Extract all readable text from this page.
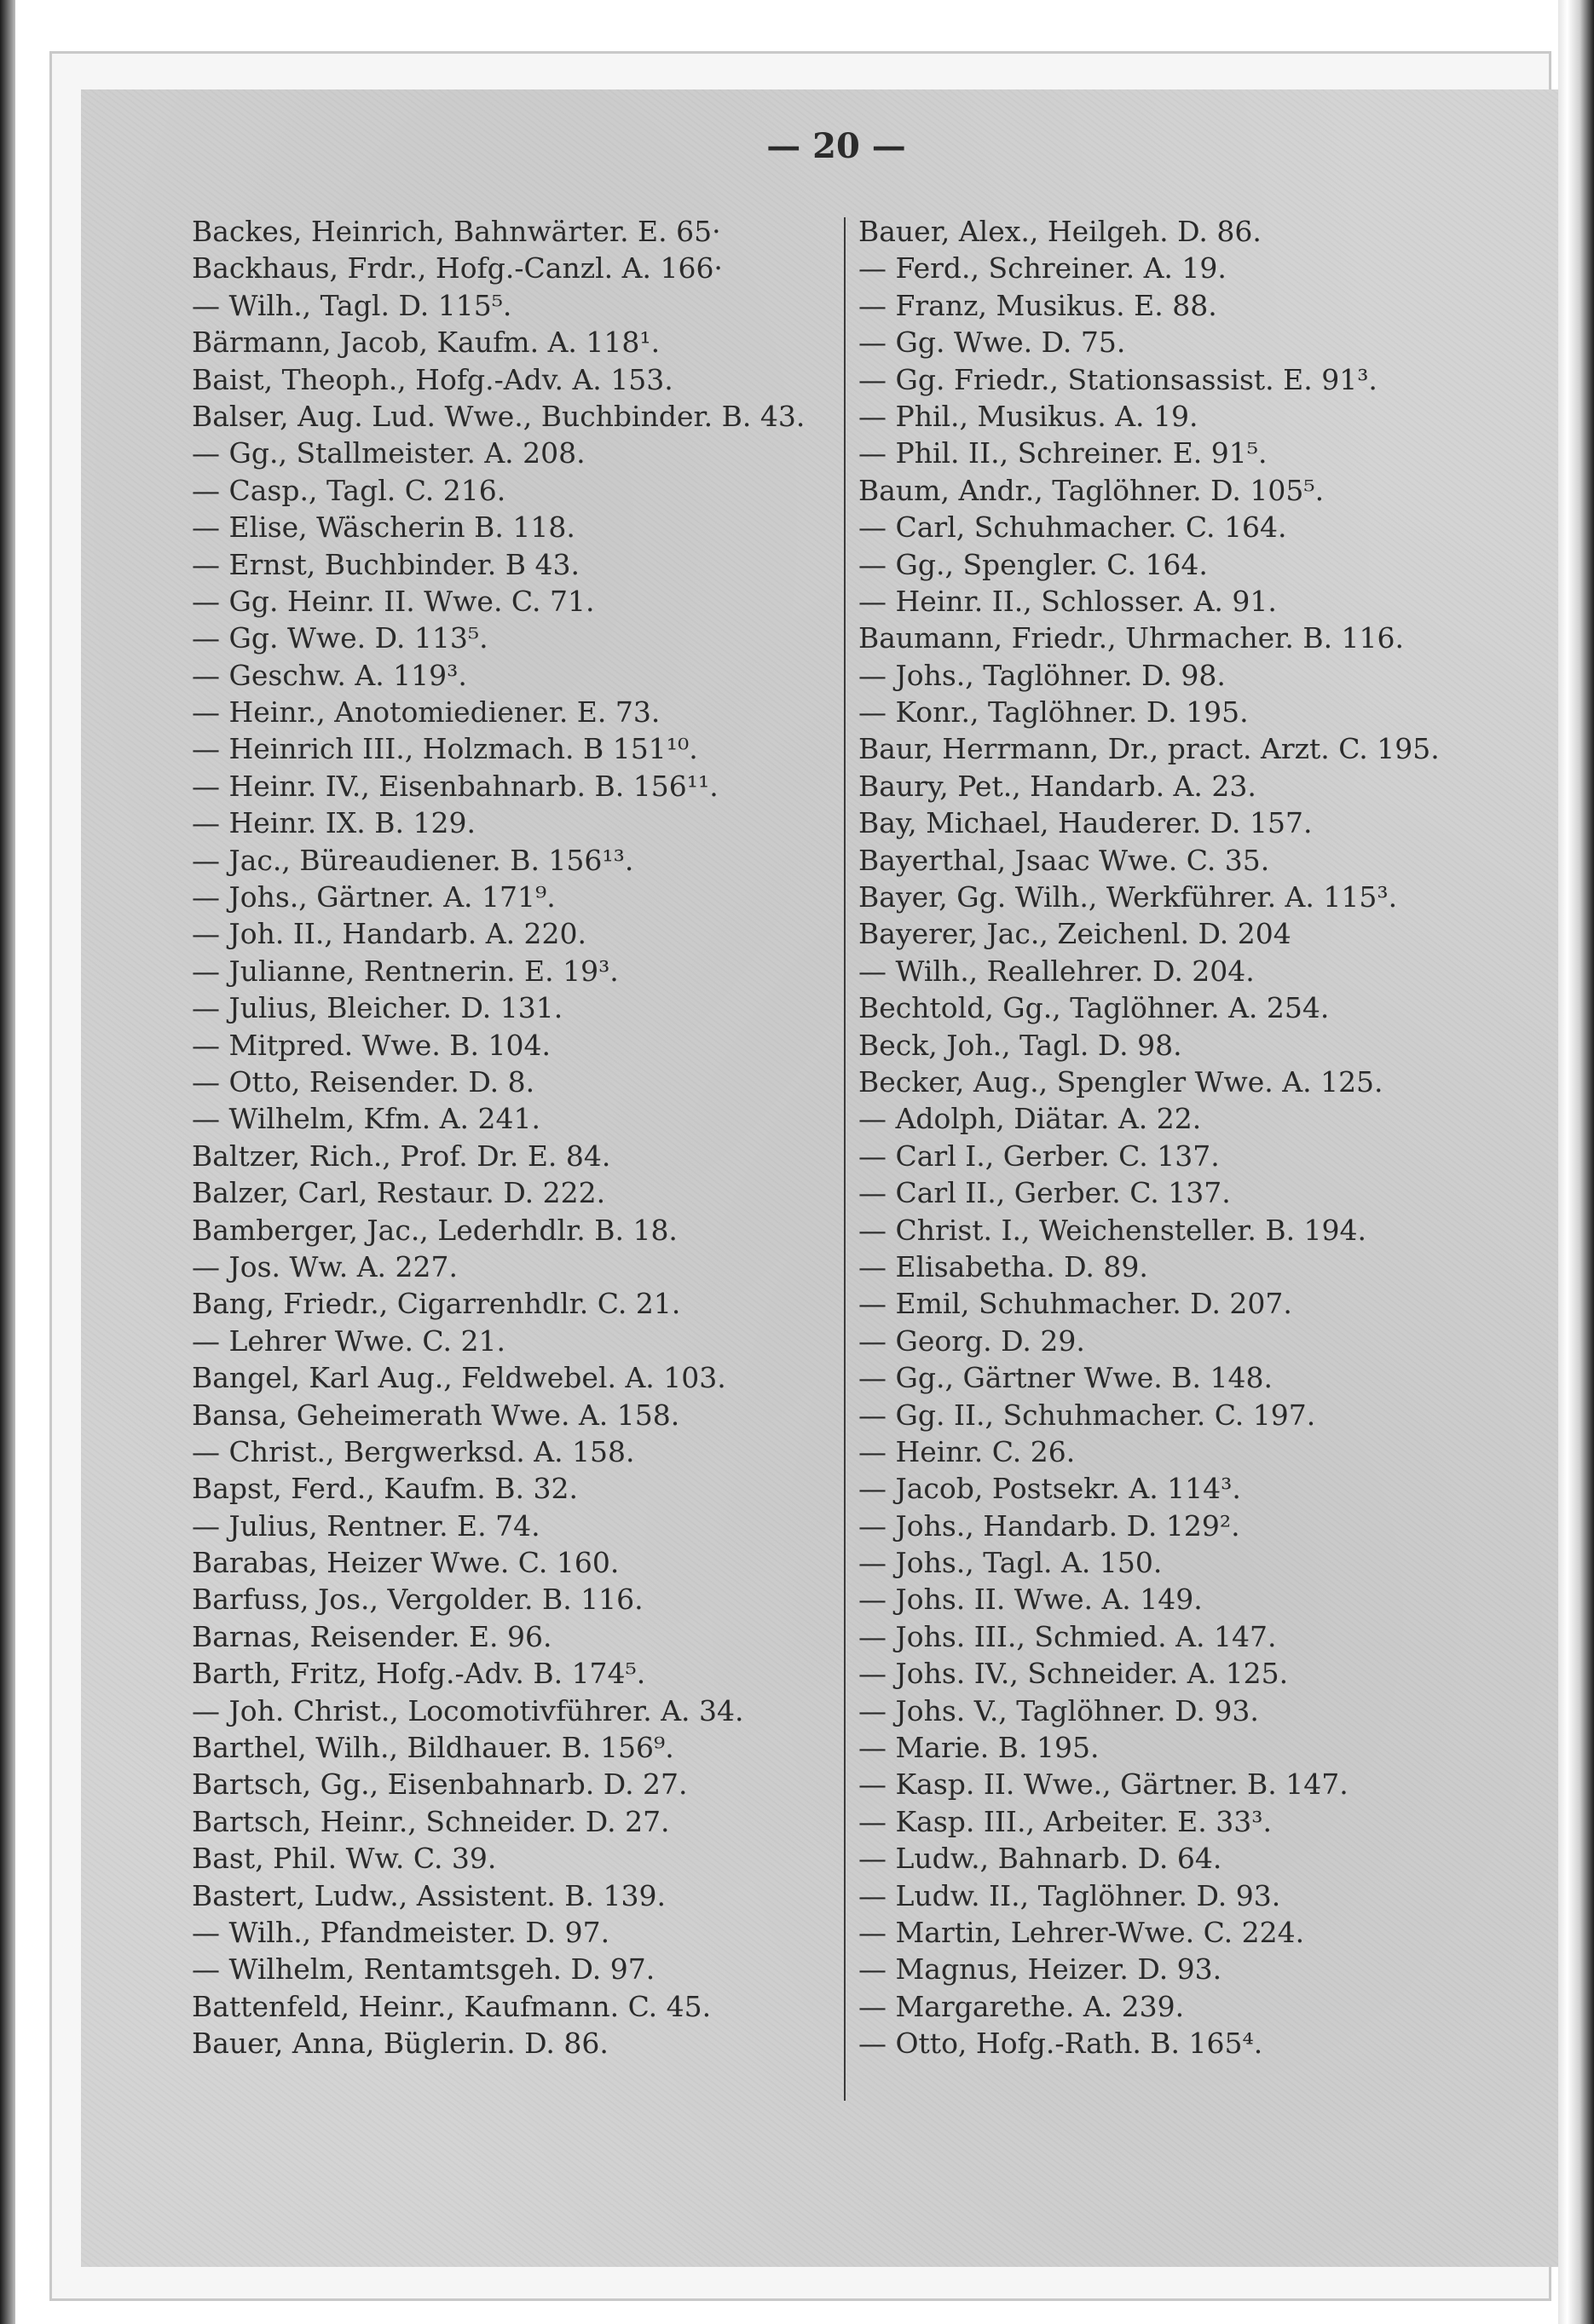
— 20 —
Backes, Heinrich, Bahnwärter. E. 65·
Backhaus, Frdr., Hofg.-Canzl. A. 166·
— Wilh., Tagl. D. 115⁵.
Bärmann, Jacob, Kaufm. A. 118¹.
Baist, Theoph., Hofg.-Adv. A. 153.
Balser, Aug. Lud. Wwe., Buchbinder. B. 43.
— Gg., Stallmeister. A. 208.
— Casp., Tagl. C. 216.
— Elise, Wäscherin B. 118.
— Ernst, Buchbinder. B 43.
— Gg. Heinr. II. Wwe. C. 71.
— Gg. Wwe. D. 113⁵.
— Geschw. A. 119³.
— Heinr., Anotomiediener. E. 73.
— Heinrich III., Holzmach. B 151¹⁰.
— Heinr. IV., Eisenbahnarb. B. 156¹¹.
— Heinr. IX. B. 129.
— Jac., Büreaudiener. B. 156¹³.
— Johs., Gärtner. A. 171⁹.
— Joh. II., Handarb. A. 220.
— Julianne, Rentnerin. E. 19³.
— Julius, Bleicher. D. 131.
— Mitpred. Wwe. B. 104.
— Otto, Reisender. D. 8.
— Wilhelm, Kfm. A. 241.
Baltzer, Rich., Prof. Dr. E. 84.
Balzer, Carl, Restaur. D. 222.
Bamberger, Jac., Lederhdlr. B. 18.
— Jos. Ww. A. 227.
Bang, Friedr., Cigarrenhdlr. C. 21.
— Lehrer Wwe. C. 21.
Bangel, Karl Aug., Feldwebel. A. 103.
Bansa, Geheimerath Wwe. A. 158.
— Christ., Bergwerksd. A. 158.
Bapst, Ferd., Kaufm. B. 32.
— Julius, Rentner. E. 74.
Barabas, Heizer Wwe. C. 160.
Barfuss, Jos., Vergolder. B. 116.
Barnas, Reisender. E. 96.
Barth, Fritz, Hofg.-Adv. B. 174⁵.
— Joh. Christ., Locomotivführer. A. 34.
Barthel, Wilh., Bildhauer. B. 156⁹.
Bartsch, Gg., Eisenbahnarb. D. 27.
Bartsch, Heinr., Schneider. D. 27.
Bast, Phil. Ww. C. 39.
Bastert, Ludw., Assistent. B. 139.
— Wilh., Pfandmeister. D. 97.
— Wilhelm, Rentamtsgeh. D. 97.
Battenfeld, Heinr., Kaufmann. C. 45.
Bauer, Anna, Büglerin. D. 86.
Bauer, Alex., Heilgeh. D. 86.
— Ferd., Schreiner. A. 19.
— Franz, Musikus. E. 88.
— Gg. Wwe. D. 75.
— Gg. Friedr., Stationsassist. E. 91³.
— Phil., Musikus. A. 19.
— Phil. II., Schreiner. E. 91⁵.
Baum, Andr., Taglöhner. D. 105⁵.
— Carl, Schuhmacher. C. 164.
— Gg., Spengler. C. 164.
— Heinr. II., Schlosser. A. 91.
Baumann, Friedr., Uhrmacher. B. 116.
— Johs., Taglöhner. D. 98.
— Konr., Taglöhner. D. 195.
Baur, Herrmann, Dr., pract. Arzt. C. 195.
Baury, Pet., Handarb. A. 23.
Bay, Michael, Hauderer. D. 157.
Bayerthal, Jsaac Wwe. C. 35.
Bayer, Gg. Wilh., Werkführer. A. 115³.
Bayerer, Jac., Zeichenl. D. 204
— Wilh., Reallehrer. D. 204.
Bechtold, Gg., Taglöhner. A. 254.
Beck, Joh., Tagl. D. 98.
Becker, Aug., Spengler Wwe. A. 125.
— Adolph, Diätar. A. 22.
— Carl I., Gerber. C. 137.
— Carl II., Gerber. C. 137.
— Christ. I., Weichensteller. B. 194.
— Elisabetha. D. 89.
— Emil, Schuhmacher. D. 207.
— Georg. D. 29.
— Gg., Gärtner Wwe. B. 148.
— Gg. II., Schuhmacher. C. 197.
— Heinr. C. 26.
— Jacob, Postsekr. A. 114³.
— Johs., Handarb. D. 129².
— Johs., Tagl. A. 150.
— Johs. II. Wwe. A. 149.
— Johs. III., Schmied. A. 147.
— Johs. IV., Schneider. A. 125.
— Johs. V., Taglöhner. D. 93.
— Marie. B. 195.
— Kasp. II. Wwe., Gärtner. B. 147.
— Kasp. III., Arbeiter. E. 33³.
— Ludw., Bahnarb. D. 64.
— Ludw. II., Taglöhner. D. 93.
— Martin, Lehrer-Wwe. C. 224.
— Magnus, Heizer. D. 93.
— Margarethe. A. 239.
— Otto, Hofg.-Rath. B. 165⁴.
